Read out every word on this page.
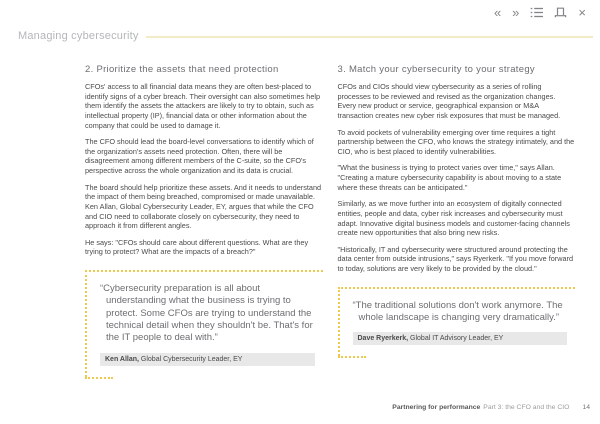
« »	×
Managing cybersecurity
2. Prioritize the assets that need protection

CFOs' access to all financial data means they are often best-placed to identify signs of a cyber breach. Their oversight can also sometimes help them identify the assets the attackers are likely to try to obtain, such as intellectual property (IP), financial data or other information about the company that could be used to damage it.

The CFO should lead the board-level conversations to identify which of the organization's assets need protection. Often, there will be disagreement among different members of the C-suite, so the CFO's perspective across the whole organization and its data is crucial.

The board should help prioritize these assets. And it needs to understand the impact of them being breached, compromised or made unavailable. Ken Allan, Global Cybersecurity Leader, EY, argues that while the CFO and CIO need to collaborate closely on cybersecurity, they need to approach it from different angles.

He says: "CFOs should care about different questions. What are they trying to protect? What are the impacts of a breach?"

“Cybersecurity preparation is all about understanding what the business is trying to protect. Some CFOs are trying to understand the technical detail when they shouldn't be. That's for the IT people to deal with.”
Ken Allan, Global Cybersecurity Leader, EY
3. Match your cybersecurity to your strategy

CFOs and CIOs should view cybersecurity as a series of rolling processes to be reviewed and revised as the organization changes. Every new product or service, geographical expansion or M&A transaction creates new cyber risk exposures that must be managed.

To avoid pockets of vulnerability emerging over time requires a tight partnership between the CFO, who knows the strategy intimately, and the CIO, who is best placed to identify vulnerabilities.

"What the business is trying to protect varies over time," says Allan. "Creating a mature cybersecurity capability is about moving to a state where these threats can be anticipated."

Similarly, as we move further into an ecosystem of digitally connected entities, people and data, cyber risk increases and cybersecurity must adapt. Innovative digital business models and customer-facing channels create new opportunities that also bring new risks.

"Historically, IT and cybersecurity were structured around protecting the data center from outside intrusions," says Ryerkerk. "If you move forward to today, solutions are very likely to be provided by the cloud."

“The traditional solutions don't work anymore. The whole landscape is changing very dramatically.”
Dave Ryerkerk, Global IT Advisory Leader, EY
Partnering for performance Part 3: the CFO and the CIO 14
